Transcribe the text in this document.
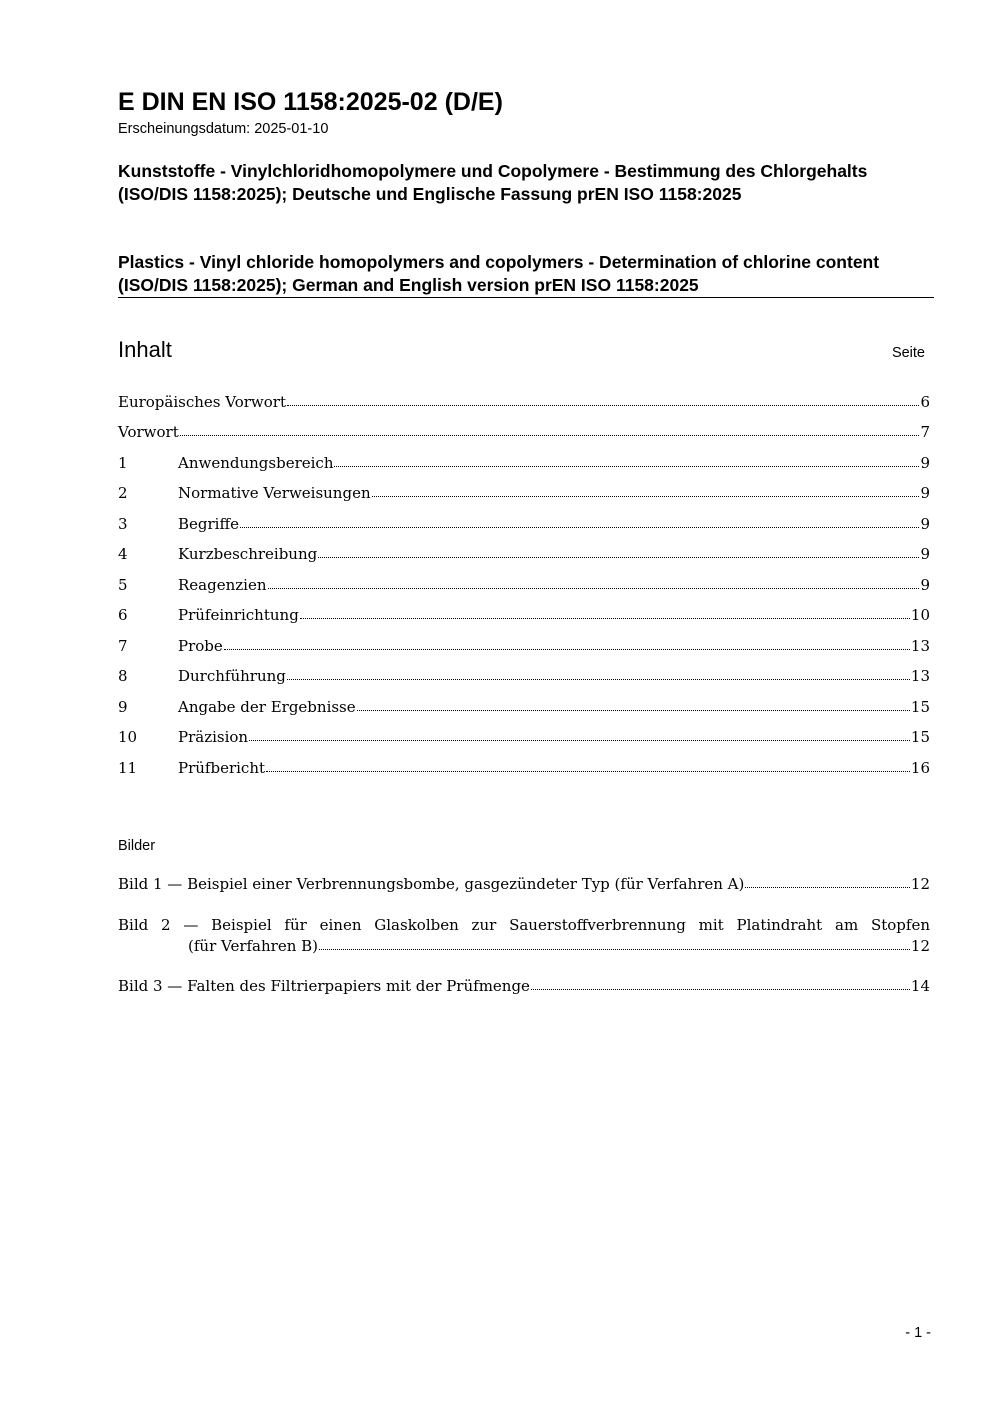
E DIN EN ISO 1158:2025-02 (D/E)
Erscheinungsdatum: 2025-01-10
Kunststoffe - Vinylchloridhomopolymere und Copolymere - Bestimmung des Chlorgehalts (ISO/DIS 1158:2025); Deutsche und Englische Fassung prEN ISO 1158:2025
Plastics - Vinyl chloride homopolymers and copolymers - Determination of chlorine content (ISO/DIS 1158:2025); German and English version prEN ISO 1158:2025
Inhalt	Seite
Europäisches Vorwort	6
Vorwort	7
1	Anwendungsbereich	9
2	Normative Verweisungen	9
3	Begriffe	9
4	Kurzbeschreibung	9
5	Reagenzien	9
6	Prüfeinrichtung	10
7	Probe	13
8	Durchführung	13
9	Angabe der Ergebnisse	15
10	Präzision	15
11	Prüfbericht	16
Bilder
Bild 1 — Beispiel einer Verbrennungsbombe, gasgezündeter Typ (für Verfahren A)	12
Bild 2 — Beispiel für einen Glaskolben zur Sauerstoffverbrennung mit Platindraht am Stopfen
(für Verfahren B)	12
Bild 3 — Falten des Filtrierpapiers mit der Prüfmenge	14
- 1 -
